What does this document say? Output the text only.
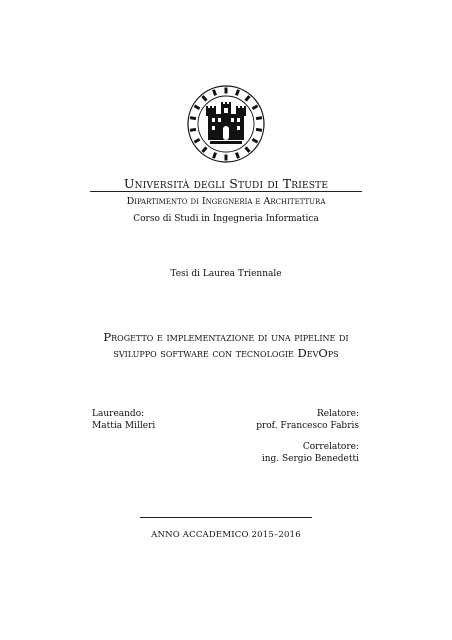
Università degli Studi di Trieste
Dipartimento di Ingegneria e Architettura
Corso di Studi in Ingegneria Informatica
Tesi di Laurea Triennale
Progetto e implementazione di una pipeline di
sviluppo software con tecnologie DevOps
Laureando:
Mattia Milleri
Relatore:
prof. Francesco Fabris
Correlatore:
ing. Sergio Benedetti
ANNO ACCADEMICO 2015–2016
